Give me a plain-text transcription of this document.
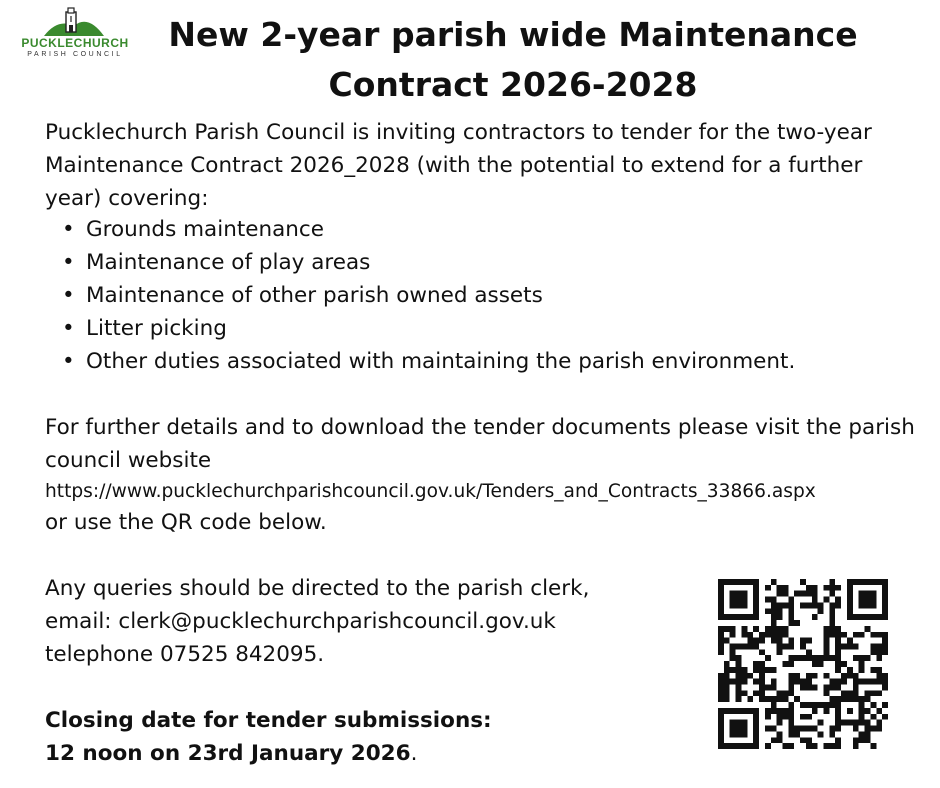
PUCKLECHURCH
PARISH COUNCIL
New 2-year parish wide Maintenance
Contract 2026-2028

Pucklechurch Parish Council is inviting contractors to tender for the two-year Maintenance Contract 2026_2028 (with the potential to extend for a further year) covering:

• Grounds maintenance
• Maintenance of play areas
• Maintenance of other parish owned assets
• Litter picking
• Other duties associated with maintaining the parish environment.

For further details and to download the tender documents please visit the parish council website

https://www.pucklechurchparishcouncil.gov.uk/Tenders_and_Contracts_33866.aspx
or use the QR code below.
Any queries should be directed to the parish clerk,
email: clerk@pucklechurchparishcouncil.gov.uk
telephone 07525 842095.
Closing date for tender submissions:
12 noon on 23rd January 2026.
